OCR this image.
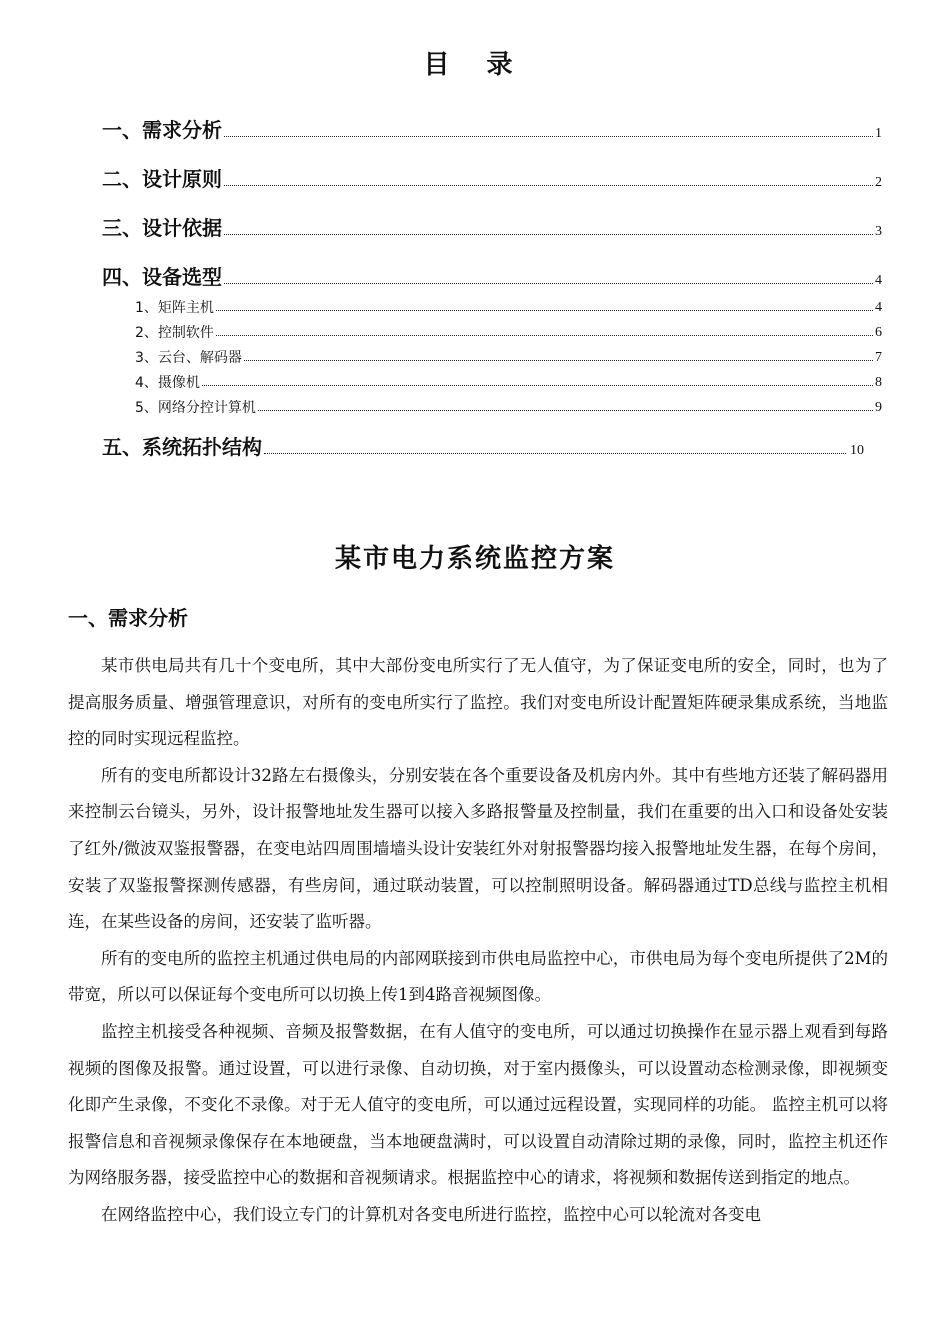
目 录
一、需求分析	1
二、设计原则	2
三、设计依据	3
四、设备选型	4
1、矩阵主机	4
2、控制软件	6
3、云台、解码器	7
4、摄像机	8
5、网络分控计算机	9
五、系统拓扑结构	10
某市电力系统监控方案
一、需求分析

某市供电局共有几十个变电所，其中大部份变电所实行了无人值守，为了保证变电所的安全，同时，也为了提高服务质量、增强管理意识，对所有的变电所实行了监控。我们对变电所设计配置矩阵硬录集成系统，当地监控的同时实现远程监控。

所有的变电所都设计32路左右摄像头，分别安装在各个重要设备及机房内外。其中有些地方还装了解码器用来控制云台镜头，另外，设计报警地址发生器可以接入多路报警量及控制量，我们在重要的出入口和设备处安装了红外/微波双鉴报警器，在变电站四周围墙墙头设计安装红外对射报警器均接入报警地址发生器，在每个房间，安装了双鉴报警探测传感器，有些房间，通过联动装置，可以控制照明设备。解码器通过TD总线与监控主机相连，在某些设备的房间，还安装了监听器。

所有的变电所的监控主机通过供电局的内部网联接到市供电局监控中心，市供电局为每个变电所提供了2M的带宽，所以可以保证每个变电所可以切换上传1到4路音视频图像。

监控主机接受各种视频、音频及报警数据，在有人值守的变电所，可以通过切换操作在显示器上观看到每路视频的图像及报警。通过设置，可以进行录像、自动切换，对于室内摄像头，可以设置动态检测录像，即视频变化即产生录像，不变化不录像。对于无人值守的变电所，可以通过远程设置，实现同样的功能。 监控主机可以将报警信息和音视频录像保存在本地硬盘，当本地硬盘满时，可以设置自动清除过期的录像，同时，监控主机还作为网络服务器，接受监控中心的数据和音视频请求。根据监控中心的请求，将视频和数据传送到指定的地点。

在网络监控中心，我们设立专门的计算机对各变电所进行监控，监控中心可以轮流对各变电
